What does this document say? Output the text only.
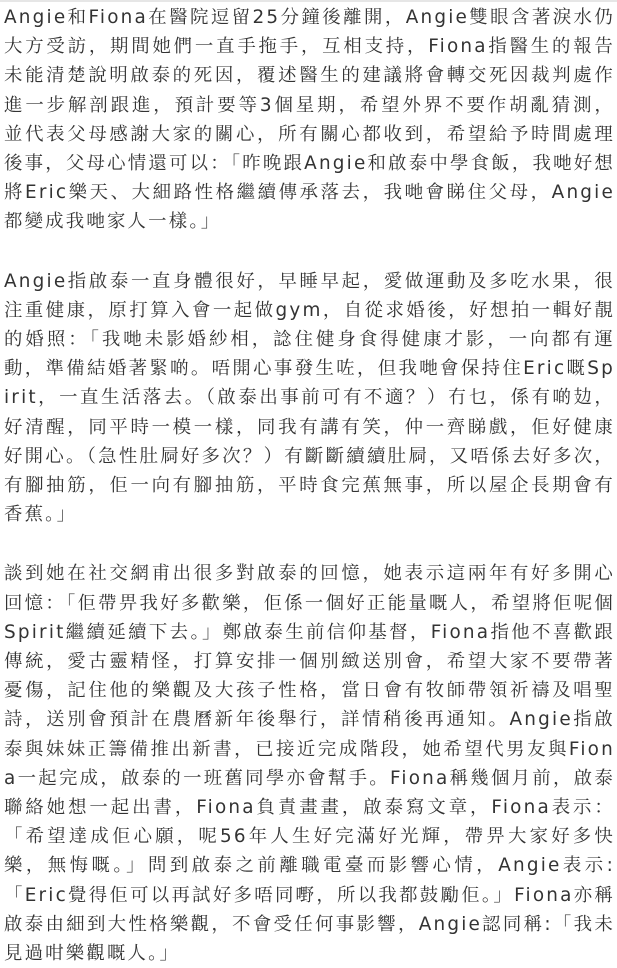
Angie和Fiona在醫院逗留25分鐘後離開，Angie雙眼含著淚水仍大方受訪，期間她們一直手拖手，互相支持，Fiona指醫生的報告未能清楚說明啟泰的死因，覆述醫生的建議將會轉交死因裁判處作進一步解剖跟進，預計要等3個星期，希望外界不要作胡亂猜測，並代表父母感謝大家的關心，所有關心都收到，希望給予時間處理後事，父母心情還可以：「昨晚跟Angie和啟泰中學食飯，我哋好想將Eric樂天、大細路性格繼續傳承落去，我哋會睇住父母，Angie都變成我哋家人一樣。」

Angie指啟泰一直身體很好，早睡早起，愛做運動及多吃水果，很注重健康，原打算入會一起做gym，自從求婚後，好想拍一輯好靚的婚照：「我哋未影婚紗相，諗住健身食得健康才影，一向都有運動，準備結婚著緊啲。唔開心事發生咗，但我哋會保持住Eric嘅Spirit，一直生活落去。（啟泰出事前可有不適？）冇乜，係有啲攰，好清醒，同平時一模一樣，同我有講有笑，仲一齊睇戲，佢好健康好開心。（急性肚屙好多次？）有斷斷續續肚屙，又唔係去好多次，有腳抽筋，佢一向有腳抽筋，平時食完蕉無事，所以屋企長期會有香蕉。」

談到她在社交網甫出很多對啟泰的回憶，她表示這兩年有好多開心回憶：「佢帶畀我好多歡樂，佢係一個好正能量嘅人，希望將佢呢個Spirit繼續延續下去。」鄭啟泰生前信仰基督，Fiona指他不喜歡跟傳統，愛古靈精怪，打算安排一個別緻送別會，希望大家不要帶著憂傷，記住他的樂觀及大孩子性格，當日會有牧師帶領祈禱及唱聖詩，送別會預計在農曆新年後舉行，詳情稍後再通知。Angie指啟泰與妹妹正籌備推出新書，已接近完成階段，她希望代男友與Fiona一起完成，啟泰的一班舊同學亦會幫手。Fiona稱幾個月前，啟泰聯絡她想一起出書，Fiona負責畫畫，啟泰寫文章，Fiona表示：「希望達成佢心願，呢56年人生好完滿好光輝，帶畀大家好多快樂，無悔嘅。」問到啟泰之前離職電臺而影響心情，Angie表示:「Eric覺得佢可以再試好多唔同嘢，所以我都鼓勵佢。」Fiona亦稱啟泰由細到大性格樂觀，不會受任何事影響，Angie認同稱:「我未見過咁樂觀嘅人。」
